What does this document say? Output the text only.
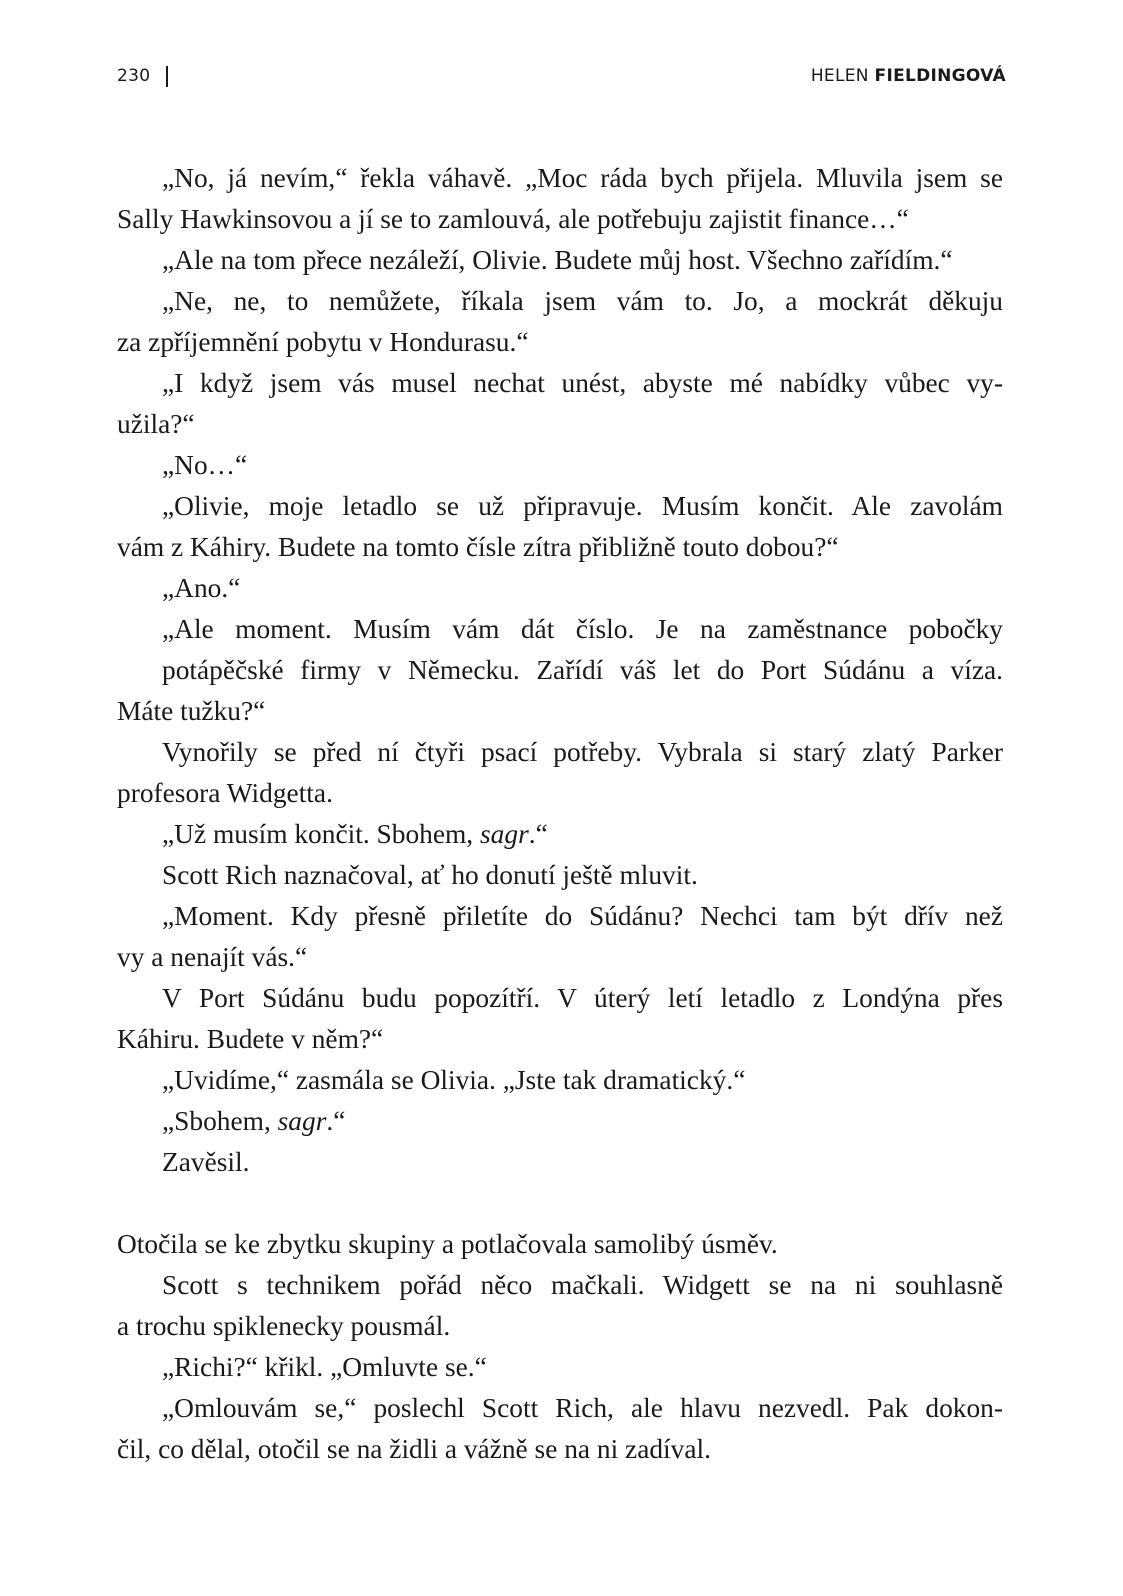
230	HELEN FIELDINGOVÁ

„No, já nevím,“ řekla váhavě. „Moc ráda bych přijela. Mluvila jsem se
Sally Hawkinsovou a jí se to zamlouvá, ale potřebuju zajistit finance…“

„Ale na tom přece nezáleží, Olivie. Budete můj host. Všechno zařídím.“

„Ne, ne, to nemůžete, říkala jsem vám to. Jo, a mockrát děkuju
za zpříjemnění pobytu v Hondurasu.“

„I když jsem vás musel nechat unést, abyste mé nabídky vůbec vy-
užila?“

„No…“

„Olivie, moje letadlo se už připravuje. Musím končit. Ale zavolám
vám z Káhiry. Budete na tomto čísle zítra přibližně touto dobou?“

„Ano.“

„Ale moment. Musím vám dát číslo. Je na zaměstnance pobočky
potápěčské firmy v Německu. Zařídí váš let do Port Súdánu a víza.
Máte tužku?“

Vynořily se před ní čtyři psací potřeby. Vybrala si starý zlatý Parker
profesora Widgetta.

„Už musím končit. Sbohem, sagr.“

Scott Rich naznačoval, ať ho donutí ještě mluvit.

„Moment. Kdy přesně přiletíte do Súdánu? Nechci tam být dřív než
vy a nenajít vás.“

V Port Súdánu budu popozítří. V úterý letí letadlo z Londýna přes
Káhiru. Budete v něm?“

„Uvidíme,“ zasmála se Olivia. „Jste tak dramatický.“

„Sbohem, sagr.“

Zavěsil.

Otočila se ke zbytku skupiny a potlačovala samolibý úsměv.

Scott s technikem pořád něco mačkali. Widgett se na ni souhlasně
a trochu spiklenecky pousmál.

„Richi?“ křikl. „Omluvte se.“

„Omlouvám se,“ poslechl Scott Rich, ale hlavu nezvedl. Pak dokon-
čil, co dělal, otočil se na židli a vážně se na ni zadíval.
